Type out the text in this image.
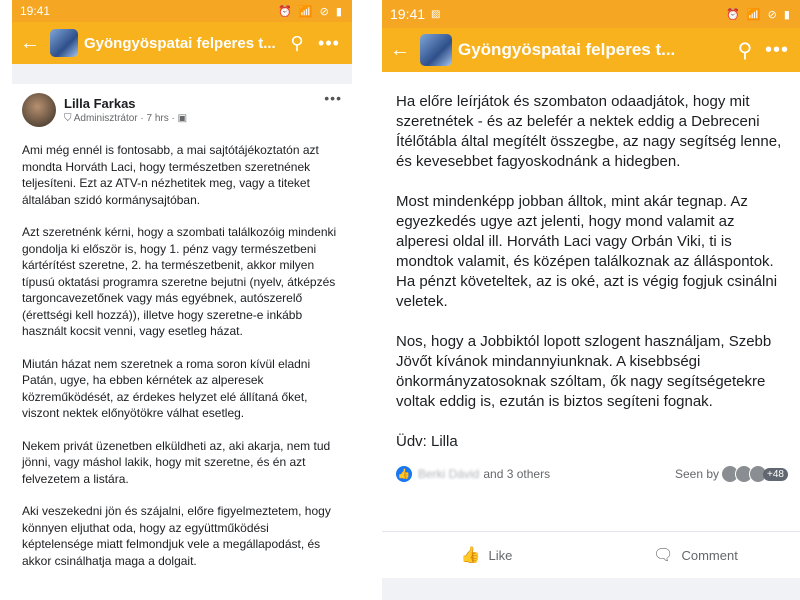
19:41	⏰ 📶 ⊘ ▮
←	Gyöngyöspatai felperes t... ⚲ •••
Lilla Farkas
⛉ Adminisztrátor · 7 hrs · ▣
•••

Ami még ennél is fontosabb, a mai sajtótájékoztatón azt mondta Horváth Laci, hogy természetben szeretnének teljesíteni. Ezt az ATV-n nézhetitek meg, vagy a titeket általában szidó kormánysajtóban.

Azt szeretnénk kérni, hogy a szombati találkozóig mindenki gondolja ki először is, hogy 1. pénz vagy természetbeni kártérítést szeretne, 2. ha természetbenit, akkor milyen típusú oktatási programra szeretne bejutni (nyelv, átképzés targoncavezetőnek vagy más egyébnek, autószerelő (érettségi kell hozzá)), illetve hogy szeretne-e inkább használt kocsit venni, vagy esetleg házat.

Miután házat nem szeretnek a roma soron kívül eladni Patán, ugye, ha ebben kérnétek az alperesek közreműködését, az érdekes helyzet elé állítaná őket, viszont nektek előnyötökre válhat esetleg.

Nekem privát üzenetben elküldheti az, aki akarja, nem tud jönni, vagy máshol lakik, hogy mit szeretne, és én azt felvezetem a listára.

Aki veszekedni jön és szájalni, előre figyelmeztetem, hogy könnyen eljuthat oda, hogy az együttműködési képtelensége miatt felmondjuk vele a megállapodást, és akkor csinálhatja maga a dolgait.

19:41 ▨	⏰ 📶 ⊘ ▮
←	Gyöngyöspatai felperes t...	⚲ •••

Ha előre leírjátok és szombaton odaadjátok, hogy mit szeretnétek - és az belefér a nektek eddig a Debreceni Ítélőtábla által megítélt összegbe, az nagy segítség lenne, és kevesebbet fagyoskodnánk a hidegben.

Most mindenképp jobban álltok, mint akár tegnap. Az egyezkedés ugye azt jelenti, hogy mond valamit az alperesi oldal ill. Horváth Laci vagy Orbán Viki, ti is mondtok valamit, és középen találkoznak az álláspontok. Ha pénzt követeltek, az is oké, azt is végig fogjuk csinálni veletek.

Nos, hogy a Jobbiktól lopott szlogent használjam, Szebb Jövőt kívánok mindannyiunknak. A kisebbségi önkormányzatosoknak szóltam, ők nagy segítségetekre voltak eddig is, ezután is biztos segíteni fognak.

Üdv: Lilla

👍 Berki Dávid and 3 others	Seen by	+48
👍 Like	🗨 Comment
